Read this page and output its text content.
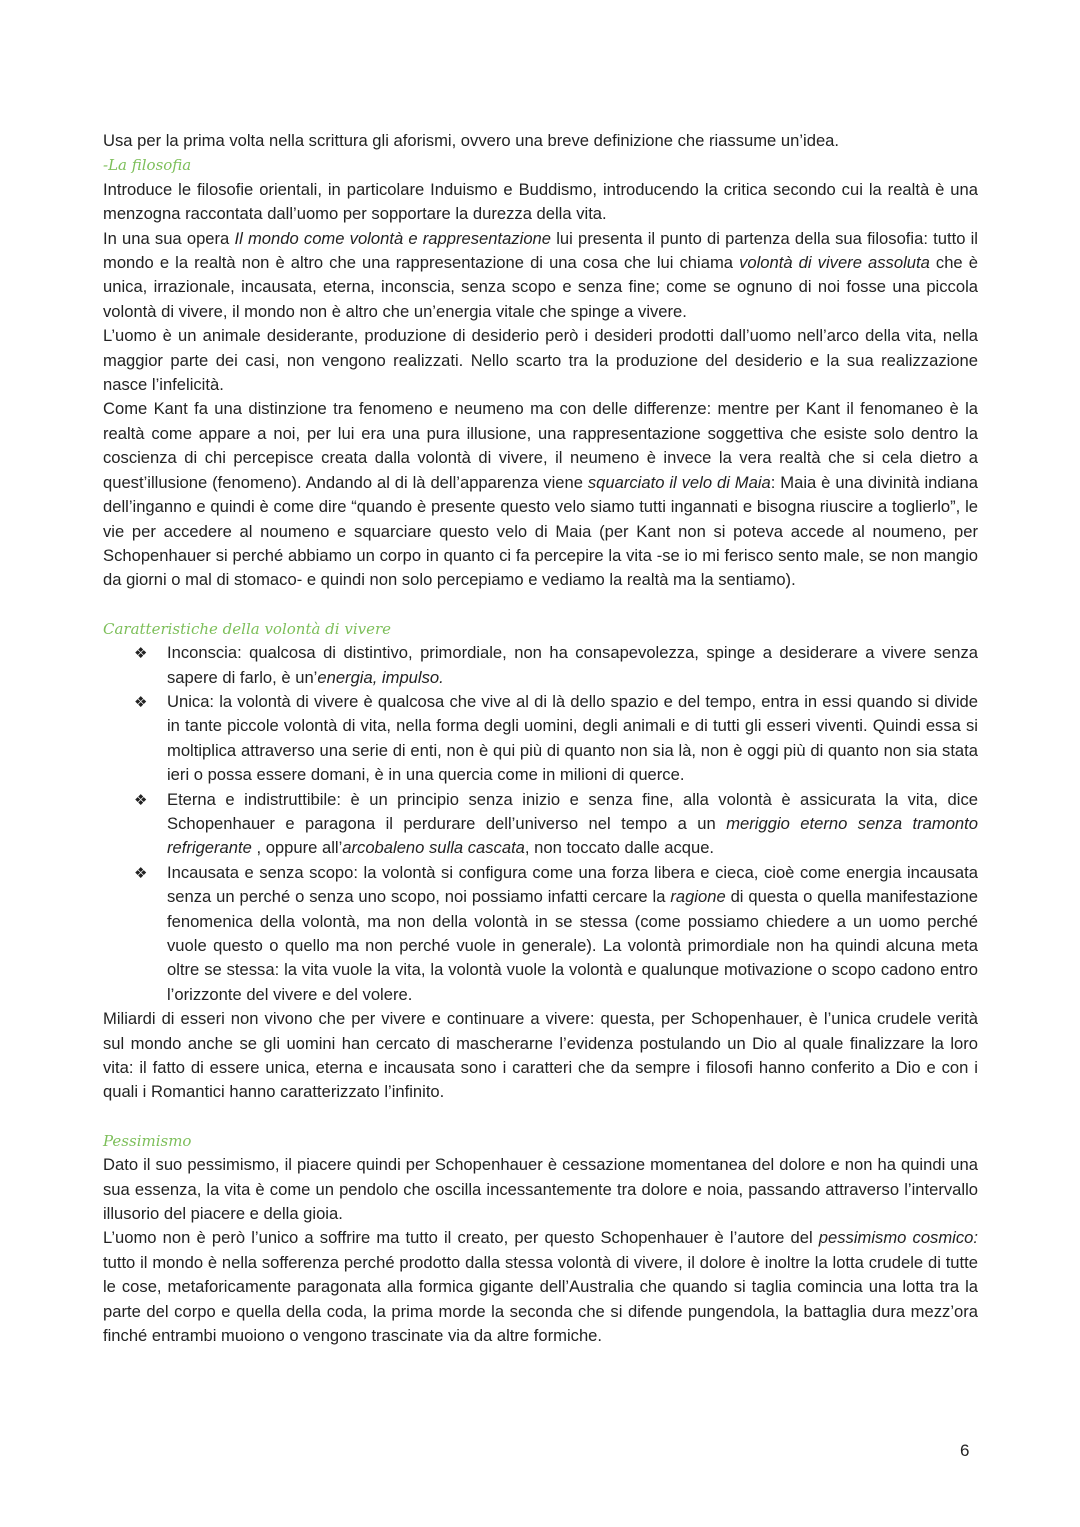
Usa per la prima volta nella scrittura gli aforismi, ovvero una breve definizione che riassume un’idea.

-La filosofia

Introduce le filosofie orientali, in particolare Induismo e Buddismo, introducendo la critica secondo cui la realtà è una menzogna raccontata dall’uomo per sopportare la durezza della vita.

In una sua opera Il mondo come volontà e rappresentazione lui presenta il punto di partenza della sua filosofia: tutto il mondo e la realtà non è altro che una rappresentazione di una cosa che lui chiama volontà di vivere assoluta che è unica, irrazionale, incausata, eterna, inconscia, senza scopo e senza fine; come se ognuno di noi fosse una piccola volontà di vivere, il mondo non è altro che un’energia vitale che spinge a vivere.

L’uomo è un animale desiderante, produzione di desiderio però i desideri prodotti dall’uomo nell’arco della vita, nella maggior parte dei casi, non vengono realizzati. Nello scarto tra la produzione del desiderio e la sua realizzazione nasce l’infelicità.

Come Kant fa una distinzione tra fenomeno e neumeno ma con delle differenze: mentre per Kant il fenomaneo è la realtà come appare a noi, per lui era una pura illusione, una rappresentazione soggettiva che esiste solo dentro la coscienza di chi percepisce creata dalla volontà di vivere, il neumeno è invece la vera realtà che si cela dietro a quest’illusione (fenomeno). Andando al di là dell’apparenza viene squarciato il velo di Maia: Maia è una divinità indiana dell’inganno e quindi è come dire “quando è presente questo velo siamo tutti ingannati e bisogna riuscire a toglierlo”, le vie per accedere al noumeno e squarciare questo velo di Maia (per Kant non si poteva accede al noumeno, per Schopenhauer si perché abbiamo un corpo in quanto ci fa percepire la vita -se io mi ferisco sento male, se non mangio da giorni o mal di stomaco- e quindi non solo percepiamo e vediamo la realtà ma la sentiamo).

Caratteristiche della volontà di vivere
❖ Inconscia: qualcosa di distintivo, primordiale, non ha consapevolezza, spinge a desiderare a vivere senza sapere di farlo, è un’energia, impulso.
❖ Unica: la volontà di vivere è qualcosa che vive al di là dello spazio e del tempo, entra in essi quando si divide in tante piccole volontà di vita, nella forma degli uomini, degli animali e di tutti gli esseri viventi. Quindi essa si moltiplica attraverso una serie di enti, non è qui più di quanto non sia là, non è oggi più di quanto non sia stata ieri o possa essere domani, è in una quercia come in milioni di querce.
❖ Eterna e indistruttibile: è un principio senza inizio e senza fine, alla volontà è assicurata la vita, dice Schopenhauer e paragona il perdurare dell’universo nel tempo a un meriggio eterno senza tramonto refrigerante , oppure all’arcobaleno sulla cascata, non toccato dalle acque.
❖ Incausata e senza scopo: la volontà si configura come una forza libera e cieca, cioè come energia incausata senza un perché o senza uno scopo, noi possiamo infatti cercare la ragione di questa o quella manifestazione fenomenica della volontà, ma non della volontà in se stessa (come possiamo chiedere a un uomo perché vuole questo o quello ma non perché vuole in generale). La volontà primordiale non ha quindi alcuna meta oltre se stessa: la vita vuole la vita, la volontà vuole la volontà e qualunque motivazione o scopo cadono entro l’orizzonte del vivere e del volere.

Miliardi di esseri non vivono che per vivere e continuare a vivere: questa, per Schopenhauer, è l’unica crudele verità sul mondo anche se gli uomini han cercato di mascherarne l’evidenza postulando un Dio al quale finalizzare la loro vita: il fatto di essere unica, eterna e incausata sono i caratteri che da sempre i filosofi hanno conferito a Dio e con i quali i Romantici hanno caratterizzato l’infinito.

Pessimismo

Dato il suo pessimismo, il piacere quindi per Schopenhauer è cessazione momentanea del dolore e non ha quindi una sua essenza, la vita è come un pendolo che oscilla incessantemente tra dolore e noia, passando attraverso l’intervallo illusorio del piacere e della gioia.

L’uomo non è però l’unico a soffrire ma tutto il creato, per questo Schopenhauer è l’autore del pessimismo cosmico: tutto il mondo è nella sofferenza perché prodotto dalla stessa volontà di vivere, il dolore è inoltre la lotta crudele di tutte le cose, metaforicamente paragonata alla formica gigante dell’Australia che quando si taglia comincia una lotta tra la parte del corpo e quella della coda, la prima morde la seconda che si difende pungendola, la battaglia dura mezz’ora finché entrambi muoiono o vengono trascinate via da altre formiche.

6
